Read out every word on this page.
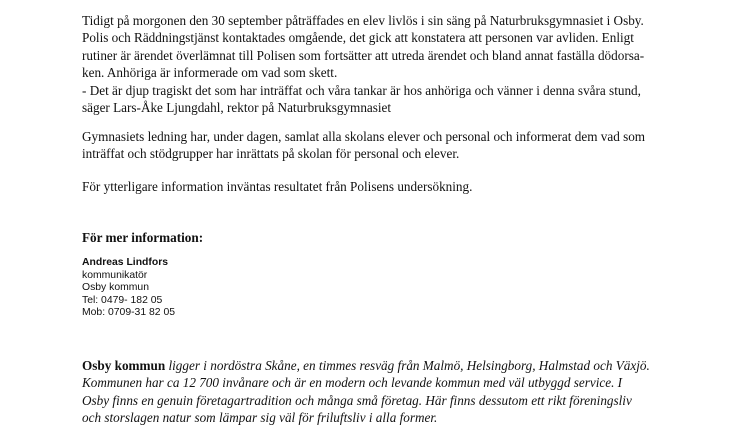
Tidigt på morgonen den 30 september påträffades en elev livlös i sin säng på Naturbruksgymnasiet i Osby.
Polis och Räddningstjänst kontaktades omgående, det gick att konstatera att personen var avliden. Enligt
rutiner är ärendet överlämnat till Polisen som fortsätter att utreda ärendet och bland annat faställa dödorsa-
ken. Anhöriga är informerade om vad som skett.
- Det är djup tragiskt det som har inträffat och våra tankar är hos anhöriga och vänner i denna svåra stund,
säger Lars-Åke Ljungdahl, rektor på Naturbruksgymnasiet
Gymnasiets ledning har, under dagen, samlat alla skolans elever och personal och informerat dem vad som
inträffat och stödgrupper har inrättats på skolan för personal och elever.
För ytterligare information inväntas resultatet från Polisens undersökning.
För mer information:
Andreas Lindfors
kommunikatör
Osby kommun
Tel: 0479- 182 05
Mob: 0709-31 82 05
Osby kommun ligger i nordöstra Skåne, en timmes resväg från Malmö, Helsingborg, Halmstad och Växjö.
Kommunen har ca 12 700 invånare och är en modern och levande kommun med väl utbyggd service. I
Osby finns en genuin företagartradition och många små företag. Här finns dessutom ett rikt föreningsliv
och storslagen natur som lämpar sig väl för friluftsliv i alla former.
